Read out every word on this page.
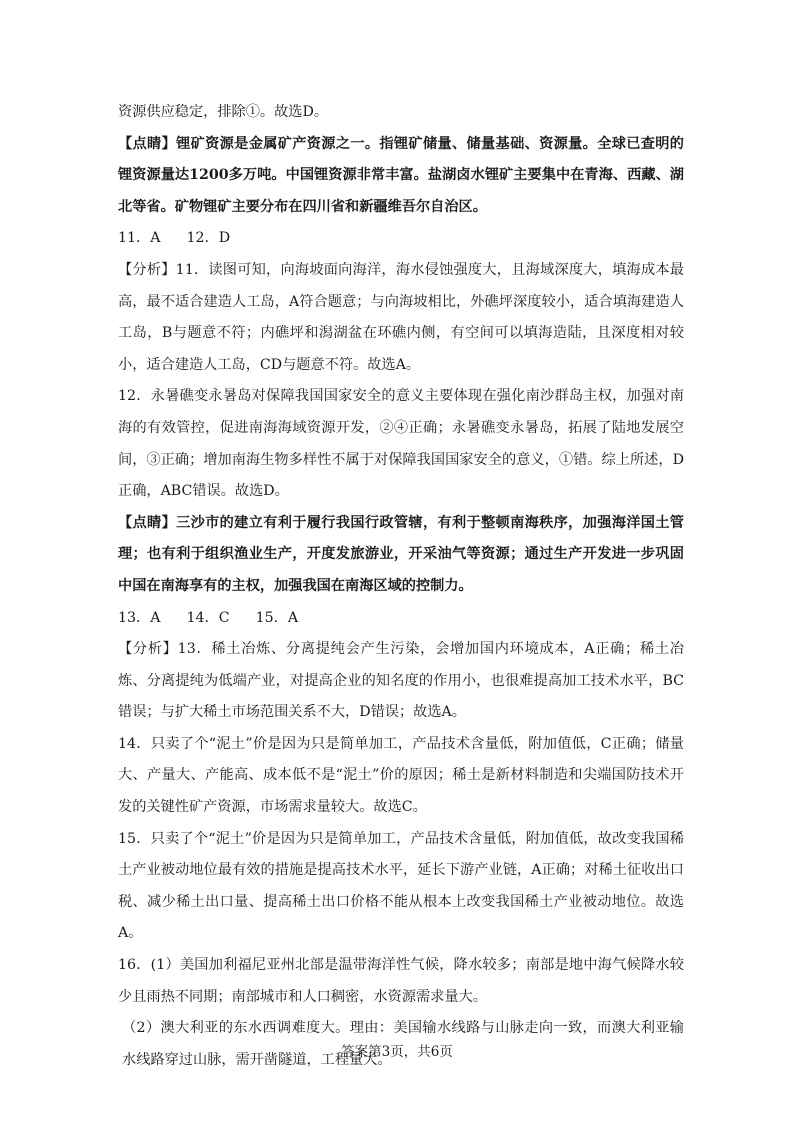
资源供应稳定，排除①。故选D。

【点睛】锂矿资源是金属矿产资源之一。指锂矿储量、储量基础、资源量。全球已查明的锂资源量达1200多万吨。中国锂资源非常丰富。盐湖卤水锂矿主要集中在青海、西藏、湖北等省。矿物锂矿主要分布在四川省和新疆维吾尔自治区。

11．A 12．D

【分析】11．读图可知，向海坡面向海洋，海水侵蚀强度大，且海域深度大，填海成本最高，最不适合建造人工岛，A符合题意；与向海坡相比，外礁坪深度较小，适合填海建造人工岛，B与题意不符；内礁坪和潟湖盆在环礁内侧，有空间可以填海造陆，且深度相对较小，适合建造人工岛，CD与题意不符。故选A。

12．永暑礁变永暑岛对保障我国国家安全的意义主要体现在强化南沙群岛主权，加强对南海的有效管控，促进南海海域资源开发，②④正确；永暑礁变永暑岛，拓展了陆地发展空间，③正确；增加南海生物多样性不属于对保障我国国家安全的意义，①错。综上所述，D正确，ABC错误。故选D。

【点睛】三沙市的建立有利于履行我国行政管辖，有利于整顿南海秩序，加强海洋国土管理；也有利于组织渔业生产，开度发旅游业，开采油气等资源；通过生产开发进一步巩固中国在南海享有的主权，加强我国在南海区域的控制力。

13．A 14．C 15．A

【分析】13．稀土冶炼、分离提纯会产生污染，会增加国内环境成本，A正确；稀土冶炼、分离提纯为低端产业，对提高企业的知名度的作用小，也很难提高加工技术水平，BC错误；与扩大稀土市场范围关系不大，D错误；故选A。

14．只卖了个“泥土”价是因为只是简单加工，产品技术含量低，附加值低，C正确；储量大、产量大、产能高、成本低不是“泥土”价的原因；稀土是新材料制造和尖端国防技术开发的关键性矿产资源，市场需求量较大。故选C。

15．只卖了个“泥土”价是因为只是简单加工，产品技术含量低，附加值低，故改变我国稀土产业被动地位最有效的措施是提高技术水平，延长下游产业链，A正确；对稀土征收出口税、减少稀土出口量、提高稀土出口价格不能从根本上改变我国稀土产业被动地位。故选A。

16．(1）美国加利福尼亚州北部是温带海洋性气候，降水较多；南部是地中海气候降水较少且雨热不同期；南部城市和人口稠密，水资源需求量大。

（2）澳大利亚的东水西调难度大。理由：美国输水线路与山脉走向一致，而澳大利亚输水线路穿过山脉，需开凿隧道，工程量大。

答案第3页，共6页
